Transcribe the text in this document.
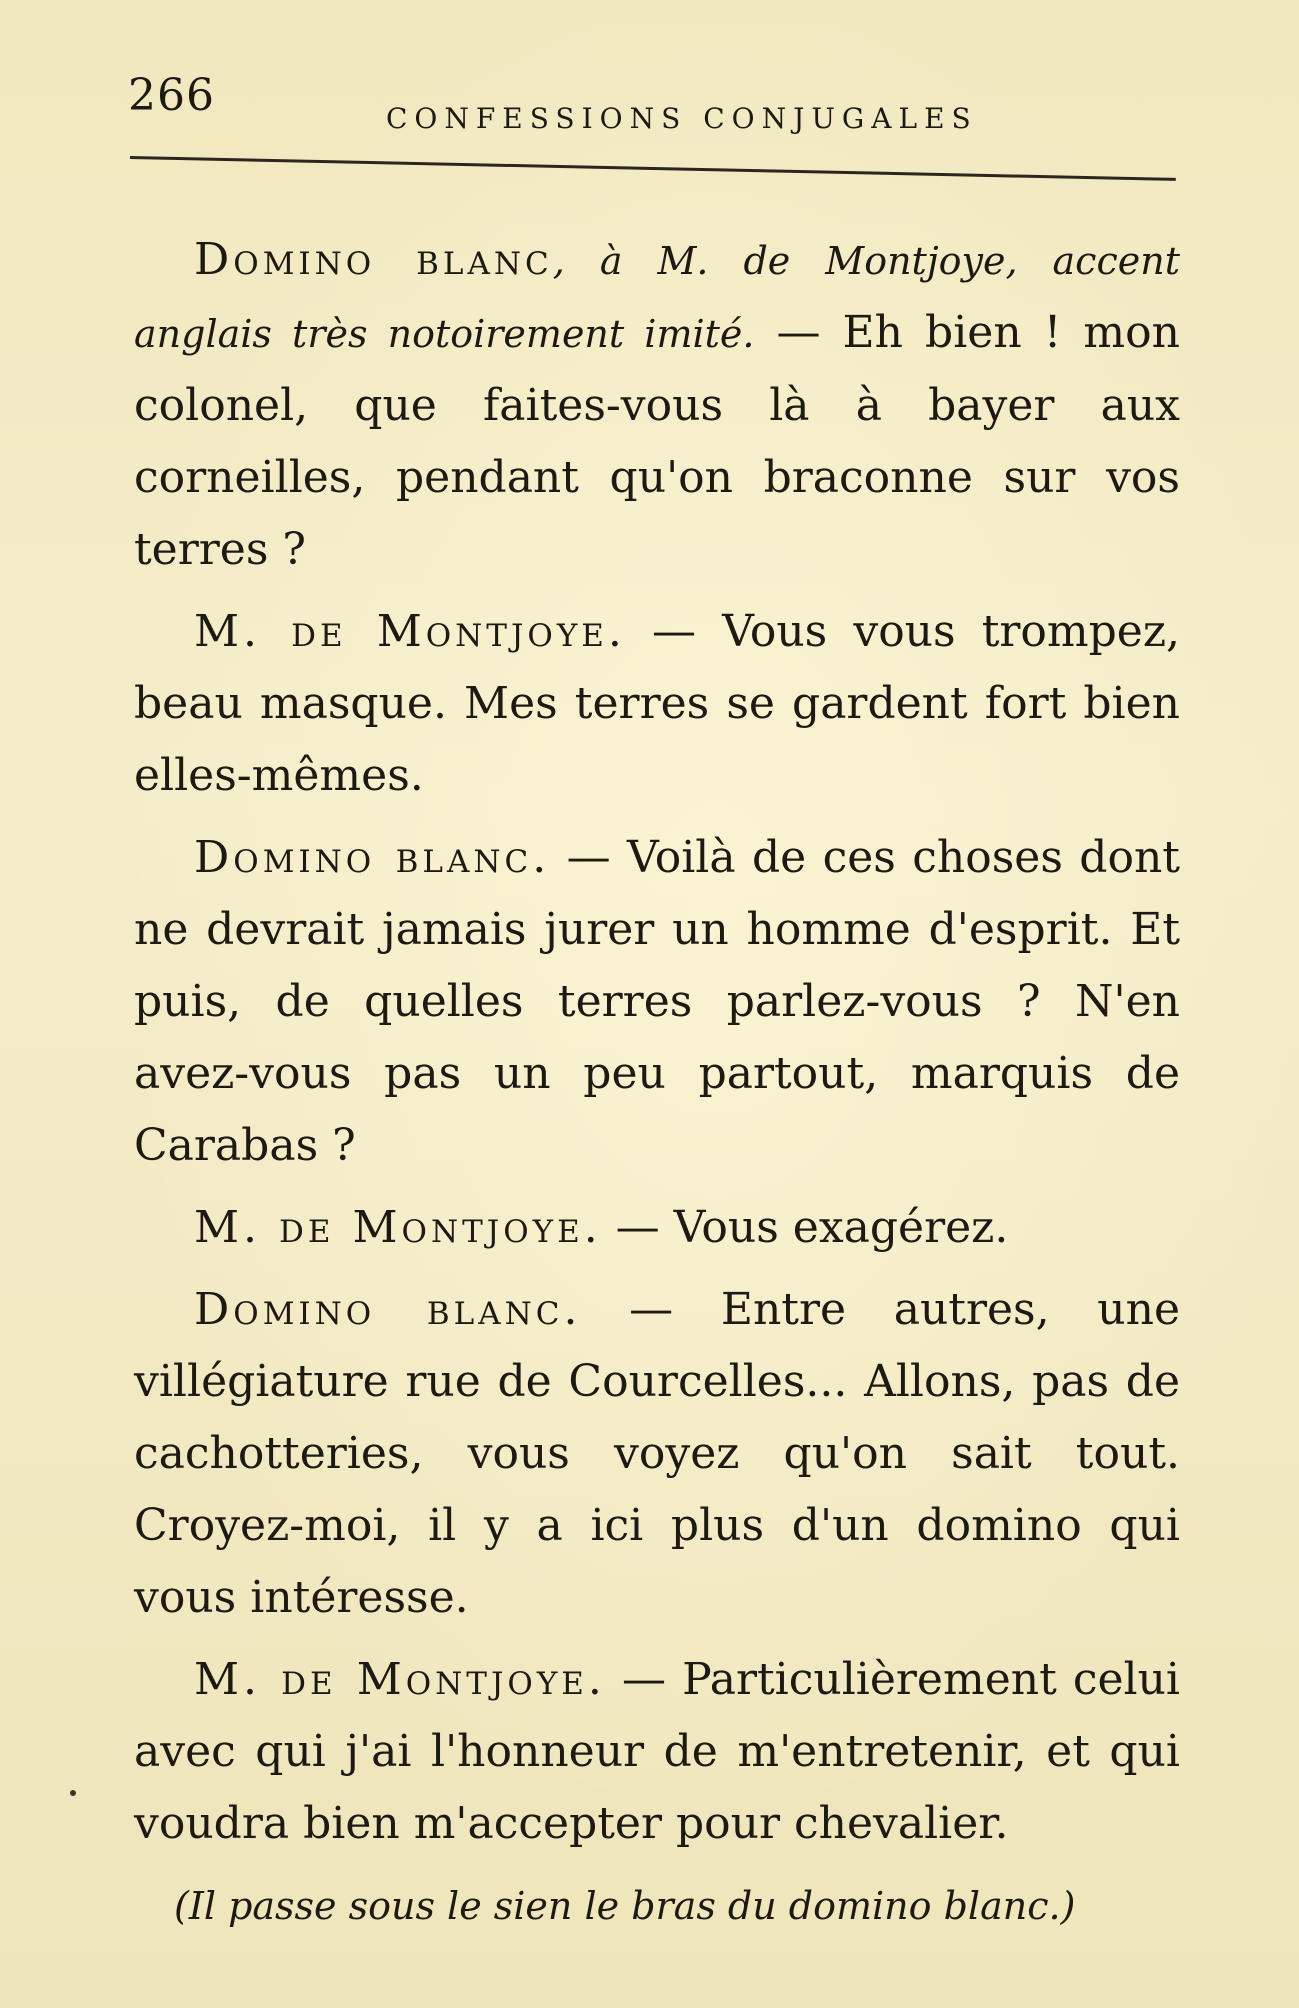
266	CONFESSIONS CONJUGALES

Domino blanc, à M. de Montjoye, accent anglais très notoirement imité. — Eh bien ! mon colonel, que faites-vous là à bayer aux corneilles, pendant qu'on braconne sur vos terres ?

M. de Montjoye. — Vous vous trompez, beau masque. Mes terres se gardent fort bien elles-mêmes.

Domino blanc. — Voilà de ces choses dont ne devrait jamais jurer un homme d'esprit. Et puis, de quelles terres parlez-vous ? N'en avez-vous pas un peu partout, marquis de Carabas ?

M. de Montjoye. — Vous exagérez.

Domino blanc. — Entre autres, une villégiature rue de Courcelles... Allons, pas de cachotteries, vous voyez qu'on sait tout. Croyez-moi, il y a ici plus d'un domino qui vous intéresse.

M. de Montjoye. — Particulièrement celui avec qui j'ai l'honneur de m'entretenir, et qui voudra bien m'accepter pour chevalier.

(Il passe sous le sien le bras du domino blanc.)
